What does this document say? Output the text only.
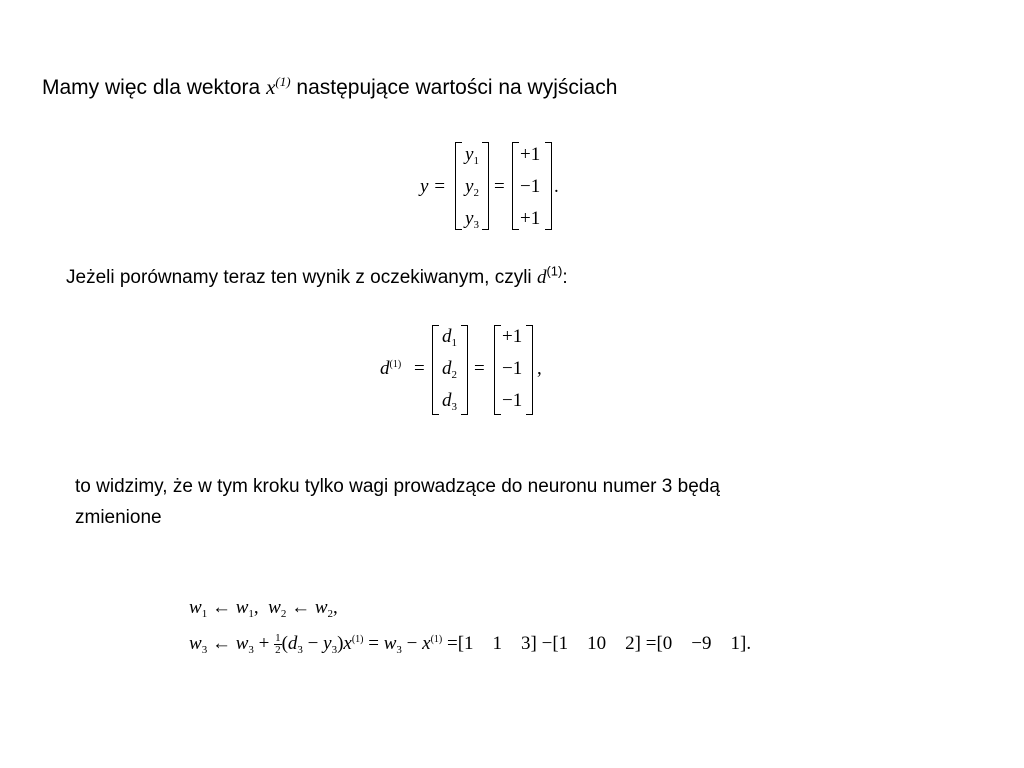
Mamy więc dla wektora $x^{(1)}$ następujące wartości na wyjściach
y =
$y_1$
$y_2$
$y_3$
=
+1
−1
+1
.
Jeżeli porównamy teraz ten wynik z oczekiwanym, czyli $d^{(1)}$:
$d^{(1)}$ =
$d_1$
$d_2$
$d_3$
=
+1
−1
−1
,
to widzimy, że w tym kroku tylko wagi prowadzące do neuronu numer 3 będą
zmienione
$w_1$ ← $w_1$, $w_2$ ← $w_2$,
$w_3$ ← $w_3 + \frac{1}{2} (d_3 - y_3)x^{(1)} = w_3 - x^{(1)} =[1$    1    3] −[1    10    2] =[0    −9    1].
